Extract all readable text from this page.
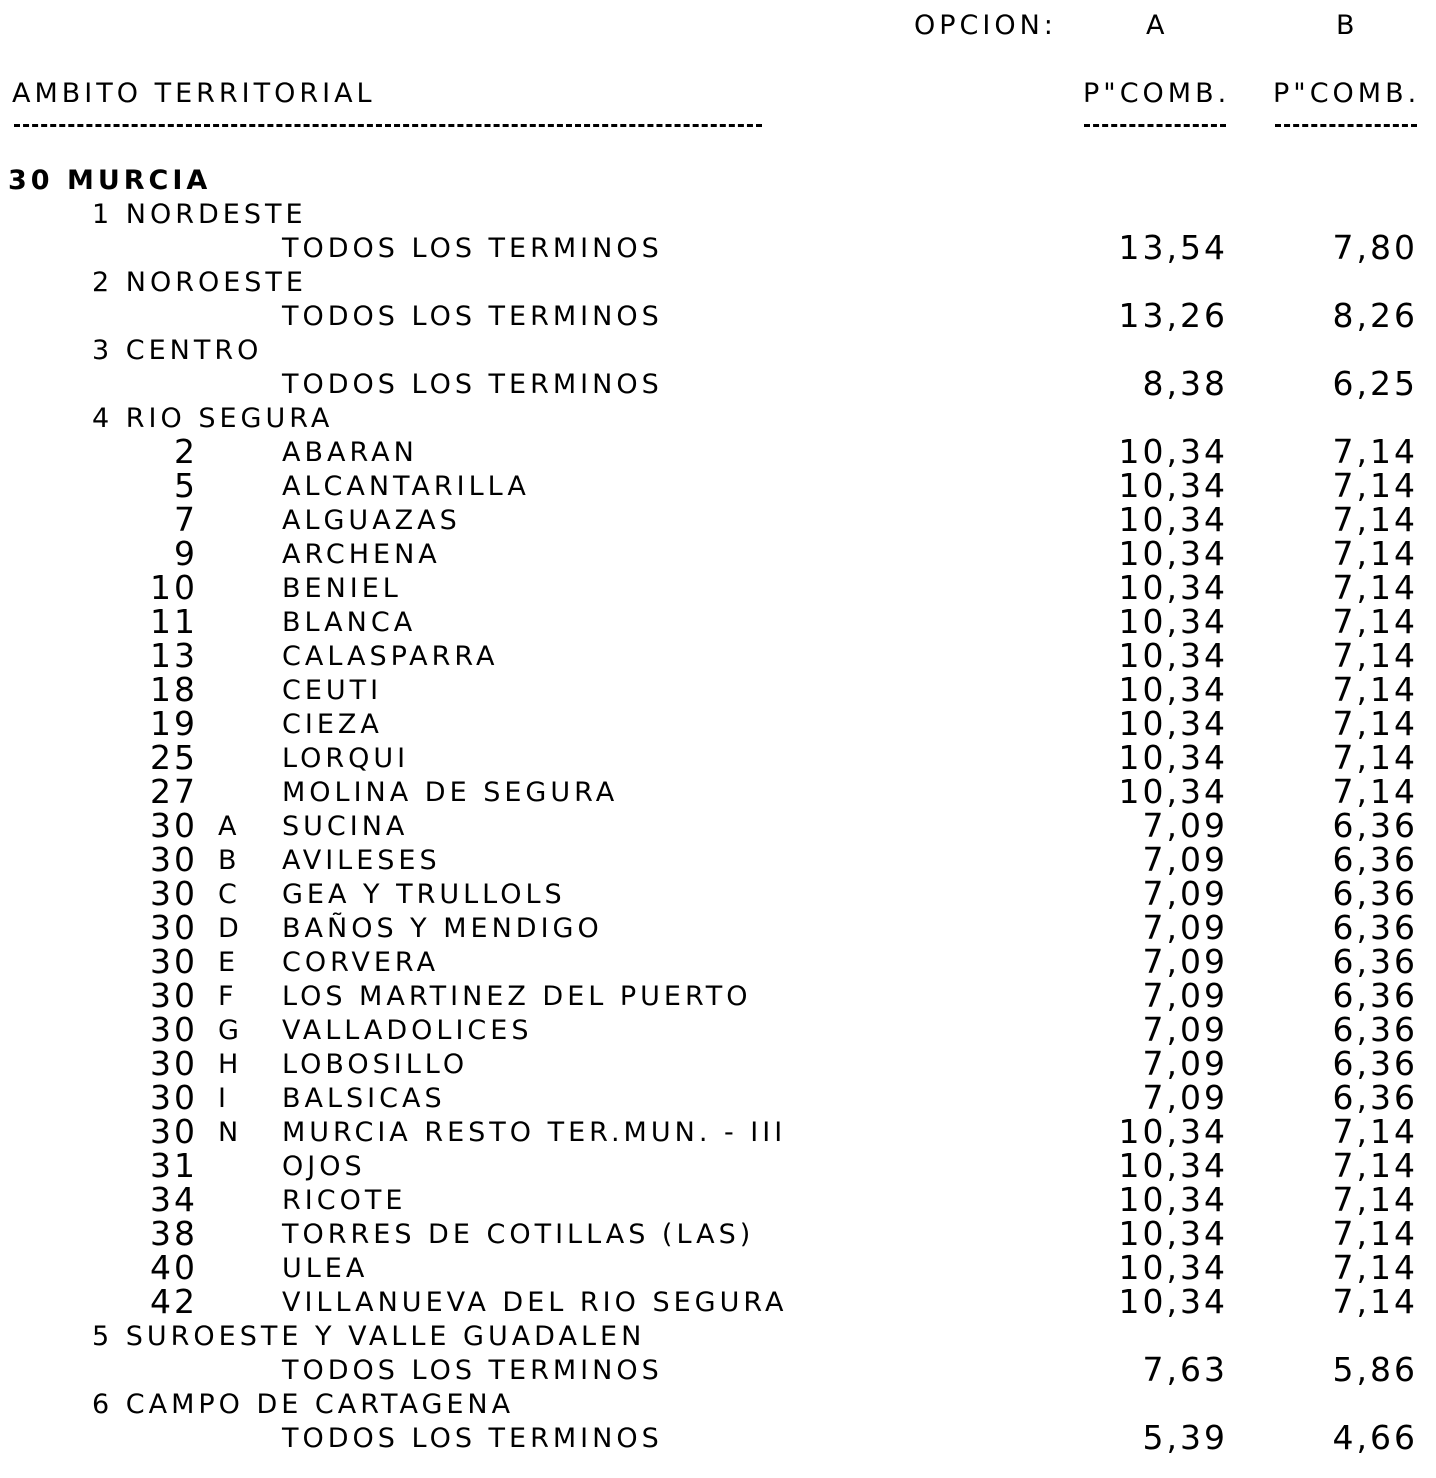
OPCION:	A	B
AMBITO TERRITORIAL	P"COMB. P"COMB.
30 MURCIA
1 NORDESTE
TODOS LOS TERMINOS	13,54	7,80
2 NOROESTE
TODOS LOS TERMINOS	13,26	8,26
3 CENTRO
TODOS LOS TERMINOS	8,38	6,25
4 RIO SEGURA
2	ABARAN	10,34	7,14
5	ALCANTARILLA	10,34	7,14
7	ALGUAZAS	10,34	7,14
9	ARCHENA	10,34	7,14
10	BENIEL	10,34	7,14
11	BLANCA	10,34	7,14
13	CALASPARRA	10,34	7,14
18	CEUTI	10,34	7,14
19	CIEZA	10,34	7,14
25	LORQUI	10,34	7,14
27	MOLINA DE SEGURA	10,34	7,14
30 A SUCINA	7,09	6,36
30 B AVILESES	7,09	6,36
30 C GEA Y TRULLOLS	7,09	6,36
30 D BAÑOS Y MENDIGO	7,09	6,36
30 E CORVERA	7,09	6,36
30 F LOS MARTINEZ DEL PUERTO	7,09	6,36
30 G VALLADOLICES	7,09	6,36
30 H LOBOSILLO	7,09	6,36
30 I BALSICAS	7,09	6,36
30 N MURCIA RESTO TER.MUN. - III	10,34	7,14
31	OJOS	10,34	7,14
34	RICOTE	10,34	7,14
38	TORRES DE COTILLAS (LAS)	10,34	7,14
40	ULEA	10,34	7,14
42	VILLANUEVA DEL RIO SEGURA	10,34	7,14
5 SUROESTE Y VALLE GUADALEN
TODOS LOS TERMINOS	7,63	5,86
6 CAMPO DE CARTAGENA
TODOS LOS TERMINOS	5,39	4,66
